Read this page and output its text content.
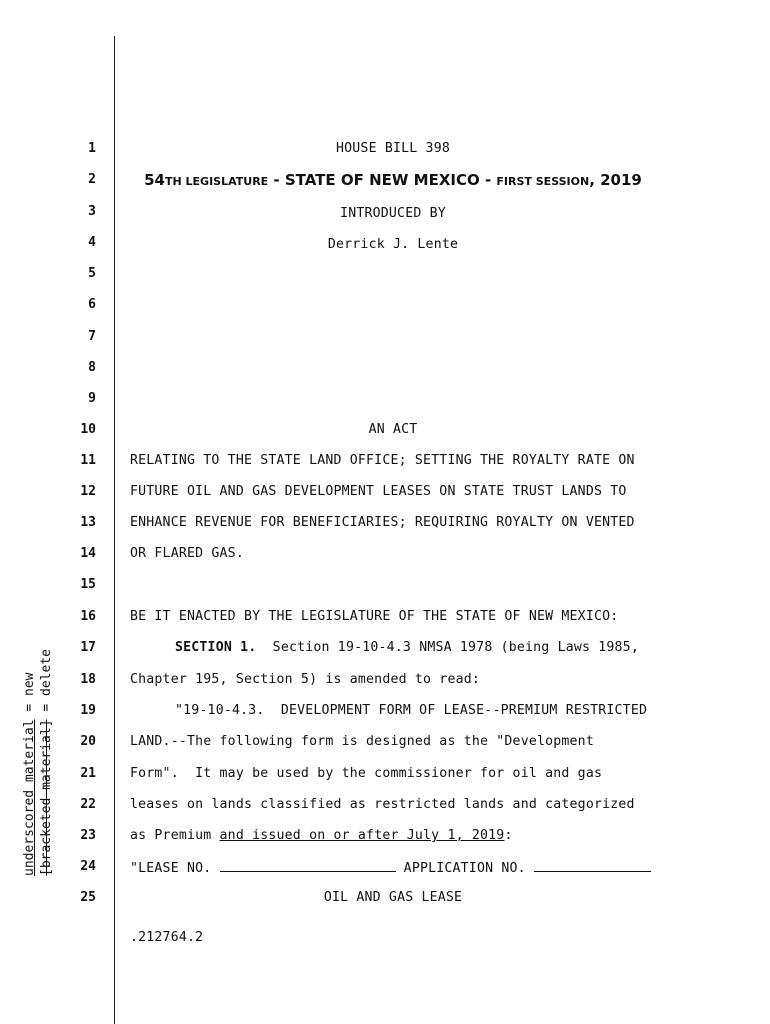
1
2
3
4
5
6
7
8
9
10
11
12
13
14
15
16
17
18
19
20
21
22
23
24
25
HOUSE BILL 398
54TH LEGISLATURE - STATE OF NEW MEXICO - FIRST SESSION, 2019
INTRODUCED BY
Derrick J. Lente
AN ACT
RELATING TO THE STATE LAND OFFICE; SETTING THE ROYALTY RATE ON
FUTURE OIL AND GAS DEVELOPMENT LEASES ON STATE TRUST LANDS TO
ENHANCE REVENUE FOR BENEFICIARIES; REQUIRING ROYALTY ON VENTED
OR FLARED GAS.
BE IT ENACTED BY THE LEGISLATURE OF THE STATE OF NEW MEXICO:
SECTION 1.  Section 19-10-4.3 NMSA 1978 (being Laws 1985,
Chapter 195, Section 5) is amended to read:
"19-10-4.3.  DEVELOPMENT FORM OF LEASE--PREMIUM RESTRICTED
LAND.--The following form is designed as the "Development
Form".  It may be used by the commissioner for oil and gas
leases on lands classified as restricted lands and categorized
as Premium and issued on or after July 1, 2019:
"LEASE NO.	APPLICATION NO.
OIL AND GAS LEASE
.212764.2
underscored material = new
[bracketed material] = delete
